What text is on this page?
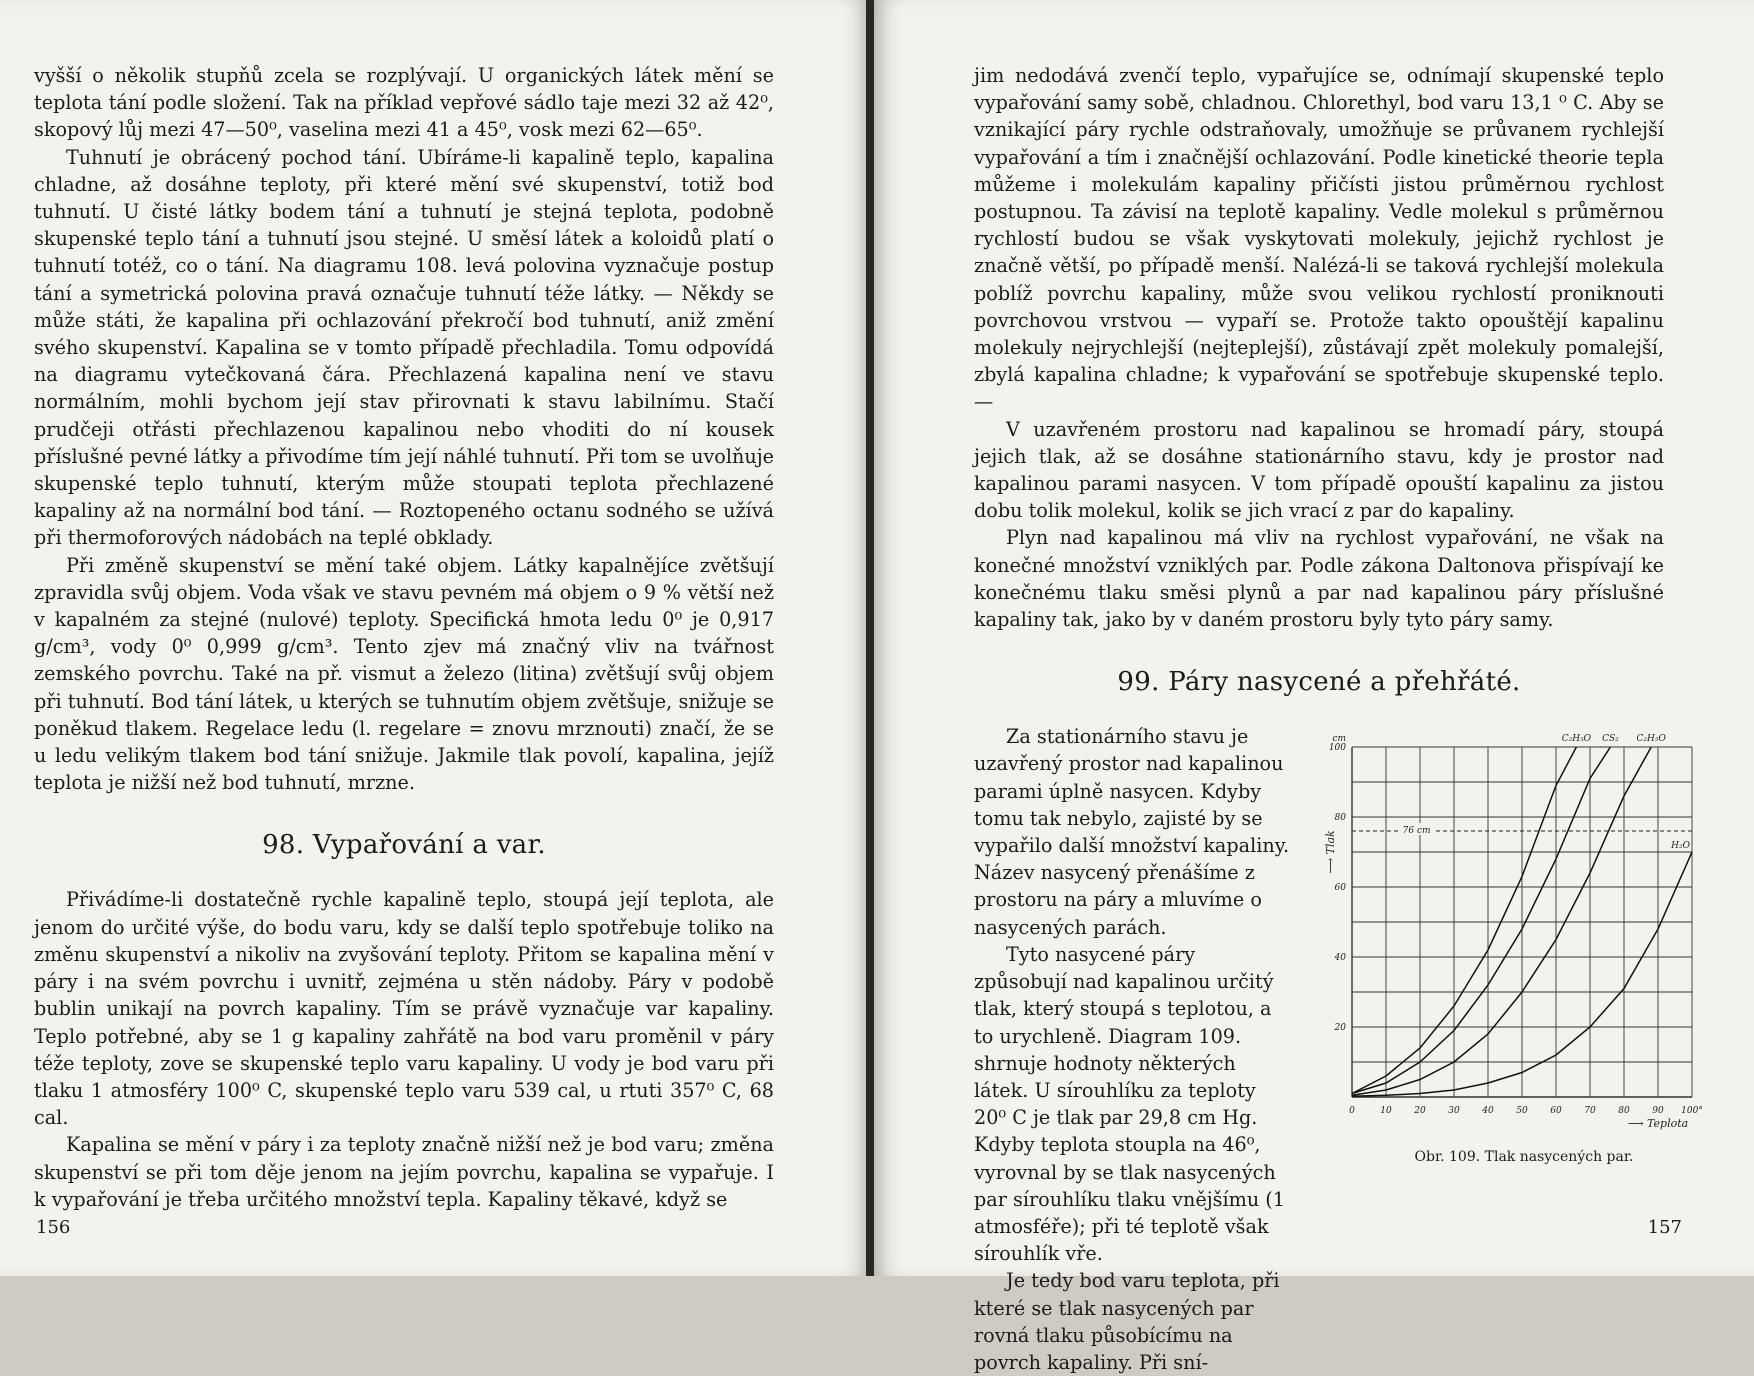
vyšší o několik stupňů zcela se rozplývají. U organických látek mění se teplota tání podle složení. Tak na příklad vepřové sádlo taje mezi 32 až 42⁰, skopový lůj mezi 47—50⁰, vaselina mezi 41 a 45⁰, vosk mezi 62—65⁰.

Tuhnutí je obrácený pochod tání. Ubíráme-li kapalině teplo, kapalina chladne, až dosáhne teploty, při které mění své skupenství, totiž bod tuhnutí. U čisté látky bodem tání a tuhnutí je stejná teplota, podobně skupenské teplo tání a tuhnutí jsou stejné. U směsí látek a koloidů platí o tuhnutí totéž, co o tání. Na diagramu 108. levá polovina vyznačuje postup tání a symetrická polovina pravá označuje tuhnutí téže látky. — Někdy se může státi, že kapalina při ochlazování překročí bod tuhnutí, aniž změní svého skupenství. Kapalina se v tomto případě přechladila. Tomu odpovídá na diagramu vytečkovaná čára. Přechlazená kapalina není ve stavu normálním, mohli bychom její stav přirovnati k stavu labilnímu. Stačí prudčeji otřásti přechlazenou kapalinou nebo vhoditi do ní kousek příslušné pevné látky a přivodíme tím její náhlé tuhnutí. Při tom se uvolňuje skupenské teplo tuhnutí, kterým může stoupati teplota přechlazené kapaliny až na normální bod tání. — Roztopeného octanu sodného se užívá při thermoforových nádobách na teplé obklady.

Při změně skupenství se mění také objem. Látky kapalnějíce zvětšují zpravidla svůj objem. Voda však ve stavu pevném má objem o 9 % větší než v kapalném za stejné (nulové) teploty. Specifická hmota ledu 0⁰ je 0,917 g/cm³, vody 0⁰ 0,999 g/cm³. Tento zjev má značný vliv na tvářnost zemského povrchu. Také na př. vismut a železo (litina) zvětšují svůj objem při tuhnutí. Bod tání látek, u kterých se tuhnutím objem zvětšuje, snižuje se poněkud tlakem. Regelace ledu (l. regelare = znovu mrznouti) značí, že se u ledu velikým tlakem bod tání snižuje. Jakmile tlak povolí, kapalina, jejíž teplota je nižší než bod tuhnutí, mrzne.

98. Vypařování a var.

Přivádíme-li dostatečně rychle kapalině teplo, stoupá její teplota, ale jenom do určité výše, do bodu varu, kdy se další teplo spotřebuje toliko na změnu skupenství a nikoliv na zvyšování teploty. Přitom se kapalina mění v páry i na svém povrchu i uvnitř, zejména u stěn nádoby. Páry v podobě bublin unikají na povrch kapaliny. Tím se právě vyznačuje var kapaliny. Teplo potřebné, aby se 1 g kapaliny zahřátě na bod varu proměnil v páry téže teploty, zove se skupenské teplo varu kapaliny. U vody je bod varu při tlaku 1 atmosféry 100⁰ C, skupenské teplo varu 539 cal, u rtuti 357⁰ C, 68 cal.

Kapalina se mění v páry i za teploty značně nižší než je bod varu; změna skupenství se při tom děje jenom na jejím povrchu, kapalina se vypařuje. I k vypařování je třeba určitého množství tepla. Kapaliny těkavé, když se

156

jim nedodává zvenčí teplo, vypařujíce se, odnímají skupenské teplo vypařování samy sobě, chladnou. Chlorethyl, bod varu 13,1 ⁰ C. Aby se vznikající páry rychle odstraňovaly, umožňuje se průvanem rychlejší vypařování a tím i značnější ochlazování. Podle kinetické theorie tepla můžeme i molekulám kapaliny přičísti jistou průměrnou rychlost postupnou. Ta závisí na teplotě kapaliny. Vedle molekul s průměrnou rychlostí budou se však vyskytovati molekuly, jejichž rychlost je značně větší, po případě menší. Nalézá-li se taková rychlejší molekula poblíž povrchu kapaliny, může svou velikou rychlostí proniknouti povrchovou vrstvou — vypaří se. Protože takto opouštějí kapalinu molekuly nejrychlejší (nejteplejší), zůstávají zpět molekuly pomalejší, zbylá kapalina chladne; k vypařování se spotřebuje skupenské teplo. —

V uzavřeném prostoru nad kapalinou se hromadí páry, stoupá jejich tlak, až se dosáhne stationárního stavu, kdy je prostor nad kapalinou parami nasycen. V tom případě opouští kapalinu za jistou dobu tolik molekul, kolik se jich vrací z par do kapaliny.

Plyn nad kapalinou má vliv na rychlost vypařování, ne však na konečné množství vzniklých par. Podle zákona Daltonova přispívají ke konečnému tlaku směsi plynů a par nad kapalinou páry příslušné kapaliny tak, jako by v daném prostoru byly tyto páry samy.

99. Páry nasycené a přehřáté.

Za stationárního stavu je uzavřený prostor nad kapalinou parami úplně nasycen. Kdyby tomu tak nebylo, zajisté by se vypařilo další množství kapaliny. Název nasycený přenášíme z prostoru na páry a mluvíme o nasycených parách.

Tyto nasycené páry způsobují nad kapalinou určitý tlak, který stoupá s teplotou, a to urychleně. Diagram 109. shrnuje hodnoty některých látek. U sírouhlíku za teploty 20⁰ C je tlak par 29,8 cm Hg. Kdyby teplota stoupla na 46⁰, vyrovnal by se tlak nasycených par sírouhlíku tlaku vnějšímu (1 atmosféře); při té teplotě však sírouhlík vře.

Je tedy bod varu teplota, při které se tlak nasycených par rovná tlaku působícímu na povrch kapaliny. Při sní-

0	10	20	30	40	50	60	70	80	90 100°
20
40
60
80
100
cm
⟶ Tlak
⟶ Teplota
76 cm
C₂H₅O CS₂ C₂H₅O
H₂O
Obr. 109. Tlak nasycených par.
157
